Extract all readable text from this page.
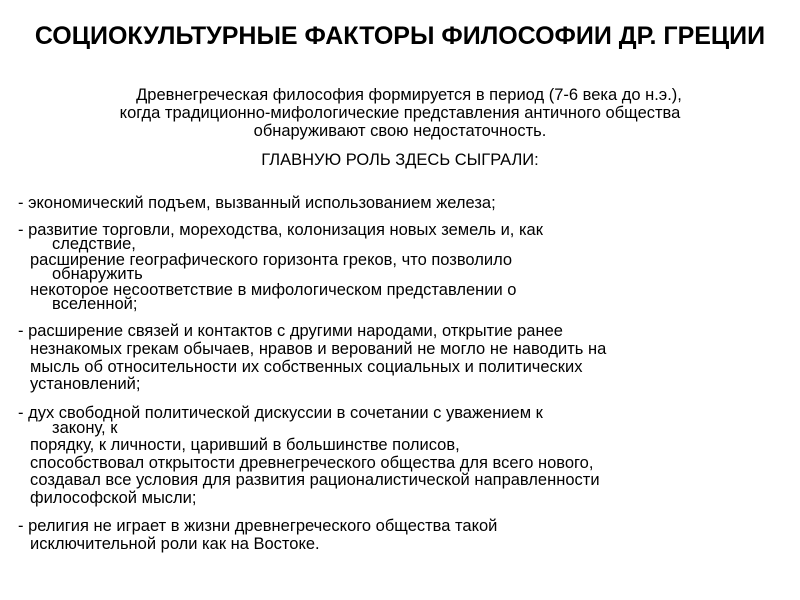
СОЦИОКУЛЬТУРНЫЕ ФАКТОРЫ ФИЛОСОФИИ ДР. ГРЕЦИИ
Древнегреческая философия формируется в период (7-6 века до н.э.),
когда традиционно-мифологические представления античного общества
обнаруживают свою недостаточность.
ГЛАВНУЮ РОЛЬ ЗДЕСЬ СЫГРАЛИ:
- экономический подъем, вызванный использованием железа;
- развитие торговли, мореходства, колонизация новых земель и, как
следствие,
расширение географического горизонта греков, что позволило
обнаружить
некоторое несоответствие в мифологическом представлении о
вселенной;
- расширение связей и контактов с другими народами, открытие ранее
незнакомых грекам обычаев, нравов и верований не могло не наводить на
мысль об относительности их собственных социальных и политических
установлений;
- дух свободной политической дискуссии в сочетании с уважением к
закону, к
порядку, к личности, царивший в большинстве полисов,
способствовал открытости древнегреческого общества для всего нового,
создавал все условия для развития рационалистической направленности
философской мысли;
- религия не играет в жизни древнегреческого общества такой
исключительной роли как на Востоке.
